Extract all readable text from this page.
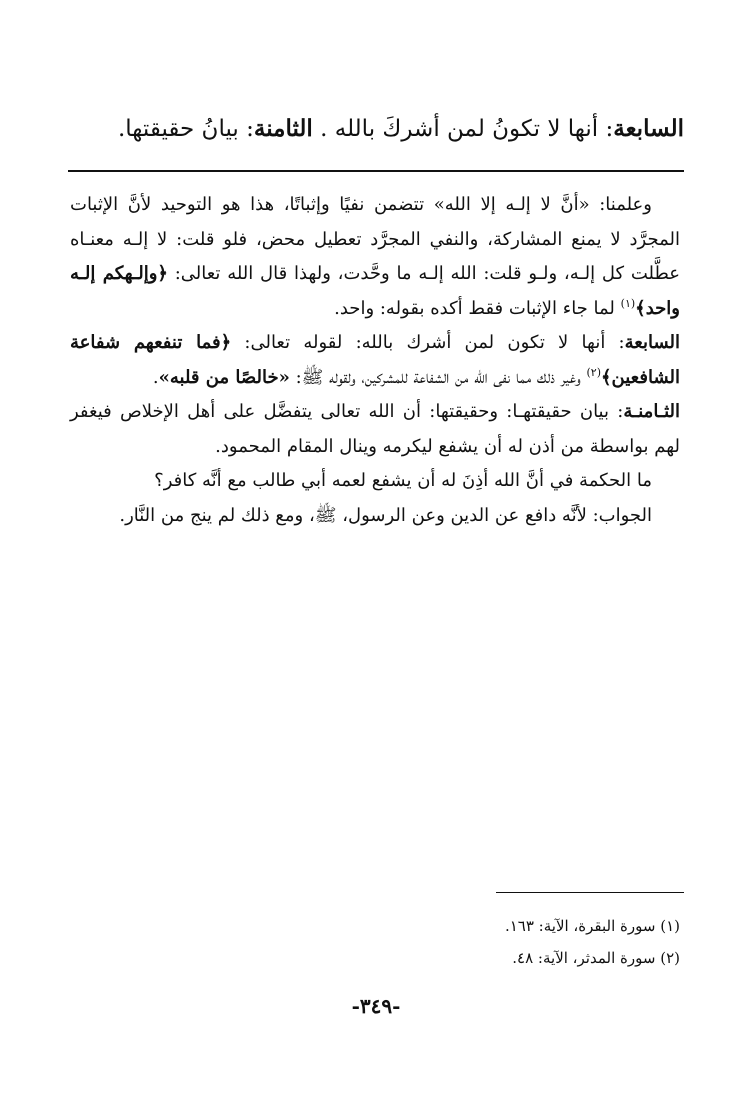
السابعة: أنها لا تكونُ لمن أشركَ بالله . الثامنة: بيانُ حقيقتها.

وعلمنا: «أنَّ لا إلـه إلا الله» تتضمن نفيًا وإثباتًا، هذا هو التوحيد لأنَّ الإثبات المجرَّد لا يمنع المشاركة، والنفي المجرَّد تعطيل محض، فلو قلت: لا إلـه معنـاه عطَّلت كل إلـه، ولـو قلت: الله إلـه ما وحَّدت، ولهذا قال الله تعالى: ﴿وإلـهكم إلـه واحد﴾$^{(١)}$ لما جاء الإثبات فقط أكده بقوله: واحد.

السابعة: أنها لا تكون لمن أشرك بالله: لقوله تعالى: ﴿فما تنفعهم شفاعة الشافعين﴾$^{(٢)}$ وغير ذلك مما نفى الله من الشفاعة للمشركين، ولقوله ﷺ: «خالصًا من قلبه».

الثـامنـة: بيان حقيقتهـا: وحقيقتها: أن الله تعالى يتفضَّل على أهل الإخلاص فيغفر لهم بواسطة من أذن له أن يشفع ليكرمه وينال المقام المحمود.

ما الحكمة في أنَّ الله أذِنَ له أن يشفع لعمه أبي طالب مع أنَّه كافر؟

الجواب: لأنَّه دافع عن الدين وعن الرسول، ﷺ، ومع ذلك لم ينج من النَّار.

(١) سورة البقرة، الآية: ١٦٣.

(٢) سورة المدثر، الآية: ٤٨.

-٣٤٩-
